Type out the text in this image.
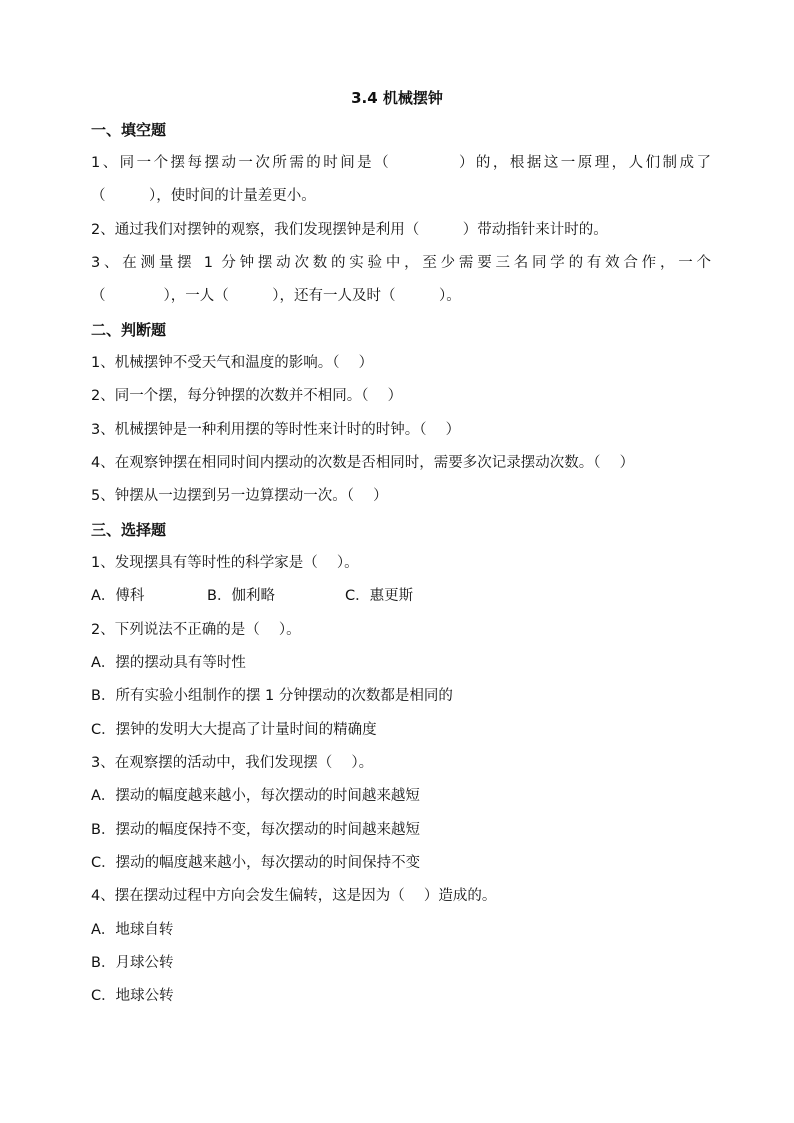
3.4 机械摆钟
一、填空题
1、同一个摆每摆动一次所需的时间是（　　　　）的，根据这一原理，人们制成了
（　　　），使时间的计量差更小。
2、通过我们对摆钟的观察，我们发现摆钟是利用（　　　）带动指针来计时的。
3、在测量摆 1 分钟摆动次数的实验中，至少需要三名同学的有效合作，一个
（　　　　），一人（　　　），还有一人及时（　　　）。
二、判断题
1、机械摆钟不受天气和温度的影响。（　 ）
2、同一个摆，每分钟摆的次数并不相同。（　 ）
3、机械摆钟是一种利用摆的等时性来计时的时钟。（　 ）
4、在观察钟摆在相同时间内摆动的次数是否相同时，需要多次记录摆动次数。（　 ）
5、钟摆从一边摆到另一边算摆动一次。（　 ）
三、选择题
1、发现摆具有等时性的科学家是（　 ）。
A．傅科	B．伽利略	C．惠更斯
2、下列说法不正确的是（　 ）。
A．摆的摆动具有等时性
B．所有实验小组制作的摆 1 分钟摆动的次数都是相同的
C．摆钟的发明大大提高了计量时间的精确度
3、在观察摆的活动中，我们发现摆（　 ）。
A．摆动的幅度越来越小，每次摆动的时间越来越短
B．摆动的幅度保持不变，每次摆动的时间越来越短
C．摆动的幅度越来越小，每次摆动的时间保持不变
4、摆在摆动过程中方向会发生偏转，这是因为（　 ）造成的。
A．地球自转
B．月球公转
C．地球公转
